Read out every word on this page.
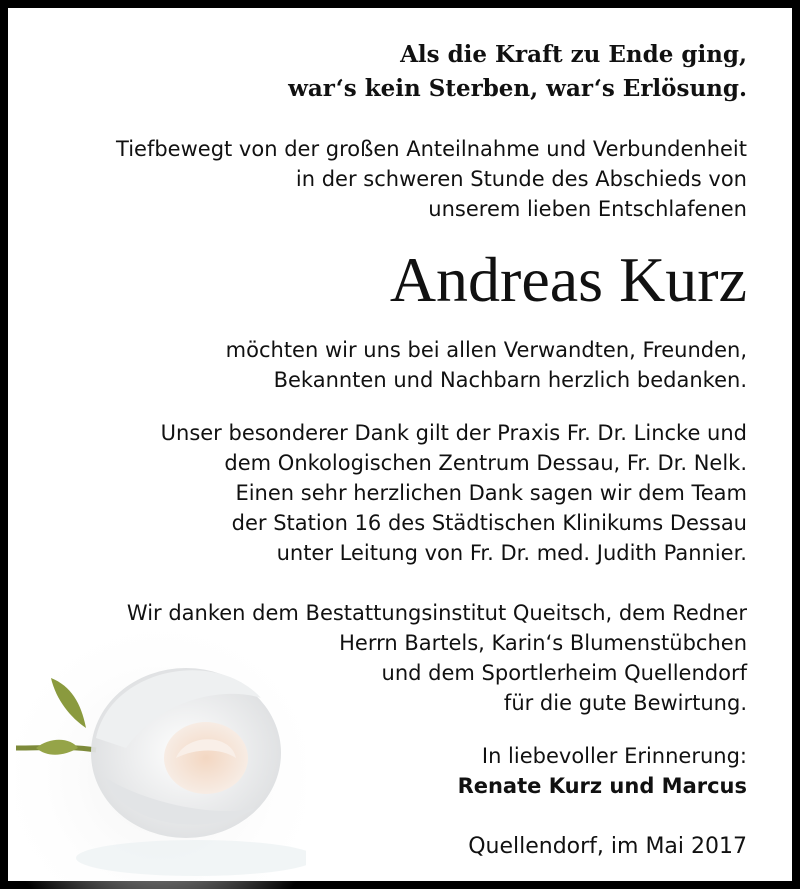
Als die Kraft zu Ende ging,
war‘s kein Sterben, war‘s Erlösung.
Tiefbewegt von der großen Anteilnahme und Verbundenheit
in der schweren Stunde des Abschieds von
unserem lieben Entschlafenen
Andreas Kurz
möchten wir uns bei allen Verwandten, Freunden,
Bekannten und Nachbarn herzlich bedanken.
Unser besonderer Dank gilt der Praxis Fr. Dr. Lincke und
dem Onkologischen Zentrum Dessau, Fr. Dr. Nelk.
Einen sehr herzlichen Dank sagen wir dem Team
der Station 16 des Städtischen Klinikums Dessau
unter Leitung von Fr. Dr. med. Judith Pannier.
Wir danken dem Bestattungsinstitut Queitsch, dem Redner
Herrn Bartels, Karin‘s Blumenstübchen
und dem Sportlerheim Quellendorf
für die gute Bewirtung.
In liebevoller Erinnerung:
Renate Kurz und Marcus
Quellendorf, im Mai 2017
